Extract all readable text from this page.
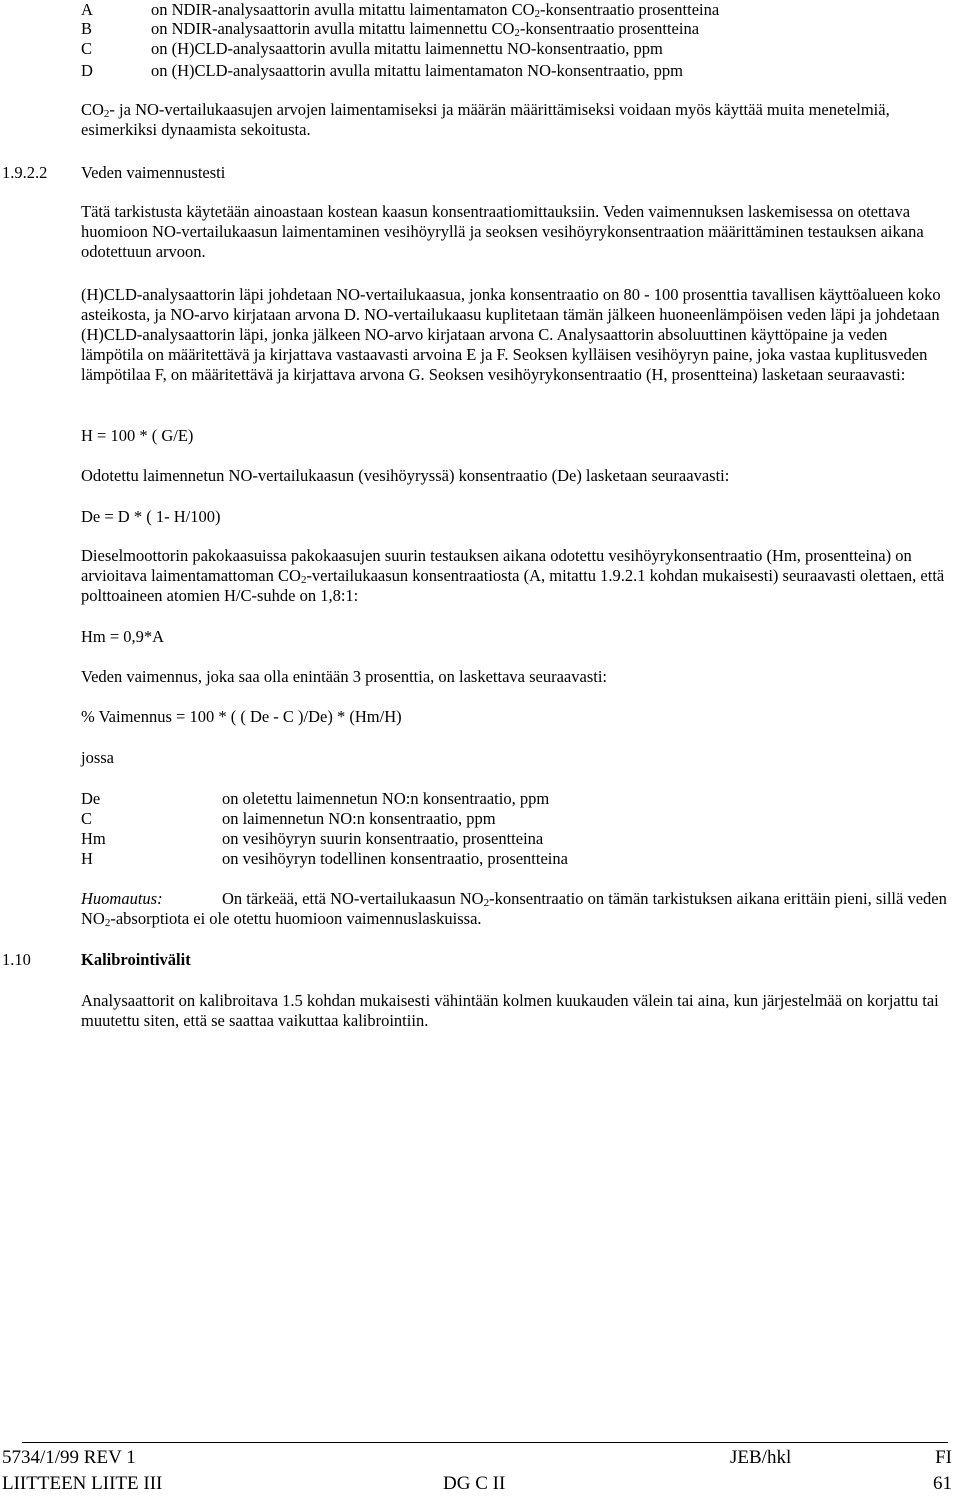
A	on NDIR-analysaattorin avulla mitattu laimentamaton $CO_2$-konsentraatio prosentteina
B	on NDIR-analysaattorin avulla mitattu laimennettu $CO_2$-konsentraatio prosentteina
C	on (H)CLD-analysaattorin avulla mitattu laimennettu NO-konsentraatio, ppm
D	on (H)CLD-analysaattorin avulla mitattu laimentamaton NO-konsentraatio, ppm

$CO_2-$ ja NO-vertailukaasujen arvojen laimentamiseksi ja määrän määrittämiseksi voidaan myös käyttää muita menetelmiä, esimerkiksi dynaamista sekoitusta.

1.9.2.2 Veden vaimennustesti

Tätä tarkistusta käytetään ainoastaan kostean kaasun konsentraatiomittauksiin. Veden vaimennuksen laskemisessa on otettava huomioon NO-vertailukaasun laimentaminen vesihöyryllä ja seoksen vesihöyrykonsentraation määrittäminen testauksen aikana odotettuun arvoon.

(H)CLD-analysaattorin läpi johdetaan NO-vertailukaasua, jonka konsentraatio on 80 - 100 prosenttia tavallisen käyttöalueen koko asteikosta, ja NO-arvo kirjataan arvona D. NO-vertailukaasu kuplitetaan tämän jälkeen huoneenlämpöisen veden läpi ja johdetaan (H)CLD-analysaattorin läpi, jonka jälkeen NO-arvo kirjataan arvona C. Analysaattorin absoluuttinen käyttöpaine ja veden lämpötila on määritettävä ja kirjattava vastaavasti arvoina E ja F. Seoksen kylläisen vesihöyryn paine, joka vastaa kuplitusveden lämpötilaa F, on määritettävä ja kirjattava arvona G. Seoksen vesihöyrykonsentraatio (H, prosentteina) lasketaan seuraavasti:

H = 100 * ( G/E)

Odotettu laimennetun NO-vertailukaasun (vesihöyryssä) konsentraatio (De) lasketaan seuraavasti:

De = D * ( 1- H/100)

Dieselmoottorin pakokaasuissa pakokaasujen suurin testauksen aikana odotettu vesihöyrykonsentraatio (Hm, prosentteina) on arvioitava laimentamattoman $CO_2$-vertailukaasun konsentraatiosta (A, mitattu 1.9.2.1 kohdan mukaisesti) seuraavasti olettaen, että polttoaineen atomien H/C-suhde on 1,8:1:

Hm = 0,9*A

Veden vaimennus, joka saa olla enintään 3 prosenttia, on laskettava seuraavasti:

% Vaimennus = 100 * ( ( De - C )/De) * (Hm/H)
jossa
De	on oletettu laimennetun NO:n konsentraatio, ppm
C	on laimennetun NO:n konsentraatio, ppm
Hm	on vesihöyryn suurin konsentraatio, prosentteina
H	on vesihöyryn todellinen konsentraatio, prosentteina
Huomautus:	On tärkeää, että NO-vertailukaasun $NO_2$-konsentraatio on tämän tarkistuksen aikana erittäin pieni, sillä veden $NO_2$-absorptiota ei ole otettu huomioon vaimennuslaskuissa.

1.10	Kalibrointivälit

Analysaattorit on kalibroitava 1.5 kohdan mukaisesti vähintään kolmen kuukauden välein tai aina, kun järjestelmää on korjattu tai muutettu siten, että se saattaa vaikuttaa kalibrointiin.

5734/1/99 REV 1	JEB/hkl	FI
LIITTEEN LIITE III	DG C II	61
